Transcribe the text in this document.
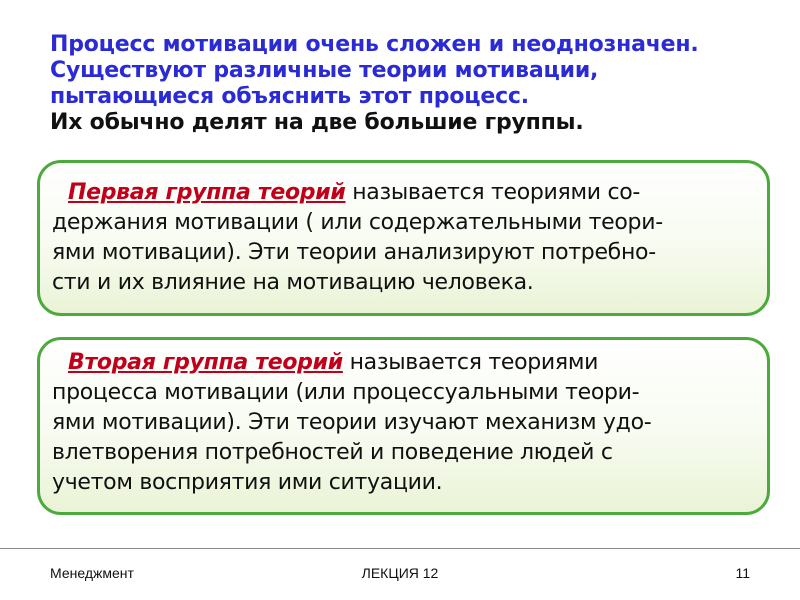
Процесс мотивации очень сложен и неоднозначен.
Существуют различные теории мотивации,
пытающиеся объяснить этот процесс.
Их обычно делят на две большие группы.
Первая группа теорий называется теориями со-
держания мотивации ( или содержательными теори-
ями мотивации). Эти теории анализируют потребно-
сти и их влияние на мотивацию человека.
Вторая группа теорий называется теориями
процесса мотивации (или процессуальными теори-
ями мотивации). Эти теории изучают механизм удо-
влетворения потребностей и поведение людей с
учетом восприятия ими ситуации.
Менеджмент	ЛЕКЦИЯ 12	11
